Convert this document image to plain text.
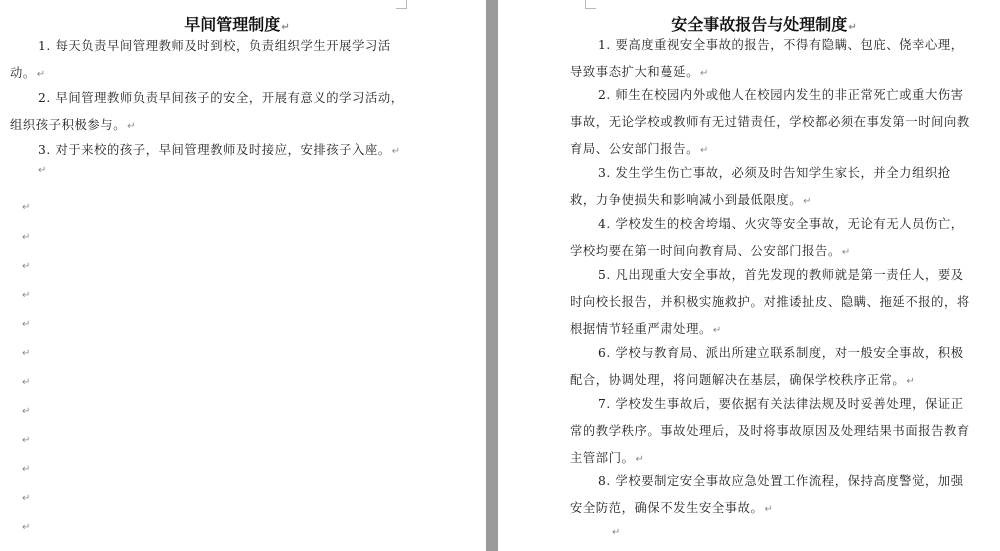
早间管理制度↵

1. 每天负责早间管理教师及时到校，负责组织学生开展学习活动。↵

2. 早间管理教师负责早间孩子的安全，开展有意义的学习活动，组织孩子积极参与。↵

3. 对于来校的孩子，早间管理教师及时接应，安排孩子入座。↵

↵
↵
↵
↵
↵
↵
↵
↵
↵
↵
↵
↵
↵
安全事故报告与处理制度↵

1. 要高度重视安全事故的报告，不得有隐瞒、包庇、侥幸心理，导致事态扩大和蔓延。↵

2. 师生在校园内外或他人在校园内发生的非正常死亡或重大伤害事故，无论学校或教师有无过错责任，学校都必须在事发第一时间向教育局、公安部门报告。↵

3. 发生学生伤亡事故，必须及时告知学生家长，并全力组织抢救，力争使损失和影响减小到最低限度。↵

4. 学校发生的校舍垮塌、火灾等安全事故，无论有无人员伤亡，学校均要在第一时间向教育局、公安部门报告。↵

5. 凡出现重大安全事故，首先发现的教师就是第一责任人，要及时向校长报告，并积极实施救护。对推诿扯皮、隐瞒、拖延不报的，将根据情节轻重严肃处理。↵

6. 学校与教育局、派出所建立联系制度，对一般安全事故，积极配合，协调处理，将问题解决在基层，确保学校秩序正常。↵

7. 学校发生事故后，要依据有关法律法规及时妥善处理，保证正常的教学秩序。事故处理后，及时将事故原因及处理结果书面报告教育主管部门。↵

8. 学校要制定安全事故应急处置工作流程，保持高度警觉，加强安全防范，确保不发生安全事故。↵

↵
